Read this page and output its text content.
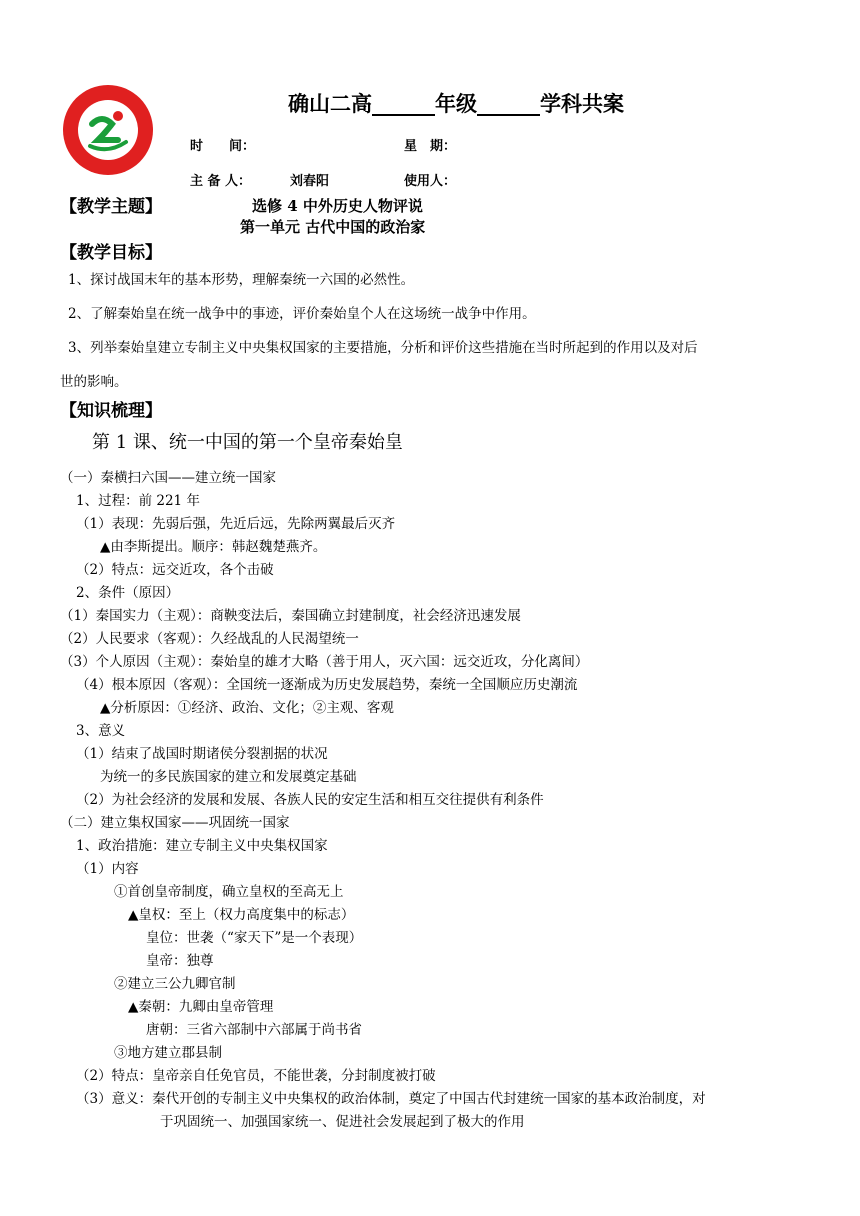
确山二高______年级______学科共案
时　　间：	星　期：
主 备 人：	刘春阳	使用人：
【教学主题】	选修 4 中外历史人物评说
第一单元 古代中国的政治家
【教学目标】
1、探讨战国末年的基本形势，理解秦统一六国的必然性。
2、了解秦始皇在统一战争中的事迹，评价秦始皇个人在这场统一战争中作用。
3、列举秦始皇建立专制主义中央集权国家的主要措施，分析和评价这些措施在当时所起到的作用以及对后
世的影响。
【知识梳理】
第 1 课、统一中国的第一个皇帝秦始皇
（一）秦横扫六国——建立统一国家
1、过程：前 221 年
（1）表现：先弱后强，先近后远，先除两翼最后灭齐
▲由李斯提出。顺序：韩赵魏楚燕齐。
（2）特点：远交近攻，各个击破
2、条件（原因）
（1）秦国实力（主观）：商鞅变法后，秦国确立封建制度，社会经济迅速发展
（2）人民要求（客观）：久经战乱的人民渴望统一
（3）个人原因（主观）：秦始皇的雄才大略（善于用人，灭六国：远交近攻，分化离间）
（4）根本原因（客观）：全国统一逐渐成为历史发展趋势，秦统一全国顺应历史潮流
▲分析原因：①经济、政治、文化；②主观、客观
3、意义
（1）结束了战国时期诸侯分裂割据的状况
为统一的多民族国家的建立和发展奠定基础
（2）为社会经济的发展和发展、各族人民的安定生活和相互交往提供有利条件
（二）建立集权国家——巩固统一国家
1、政治措施：建立专制主义中央集权国家
（1）内容
①首创皇帝制度，确立皇权的至高无上
▲皇权：至上（权力高度集中的标志）
皇位：世袭（“家天下”是一个表现）
皇帝：独尊
②建立三公九卿官制
▲秦朝：九卿由皇帝管理
唐朝：三省六部制中六部属于尚书省
③地方建立郡县制
（2）特点：皇帝亲自任免官员，不能世袭，分封制度被打破
（3）意义：秦代开创的专制主义中央集权的政治体制，奠定了中国古代封建统一国家的基本政治制度，对
于巩固统一、加强国家统一、促进社会发展起到了极大的作用
